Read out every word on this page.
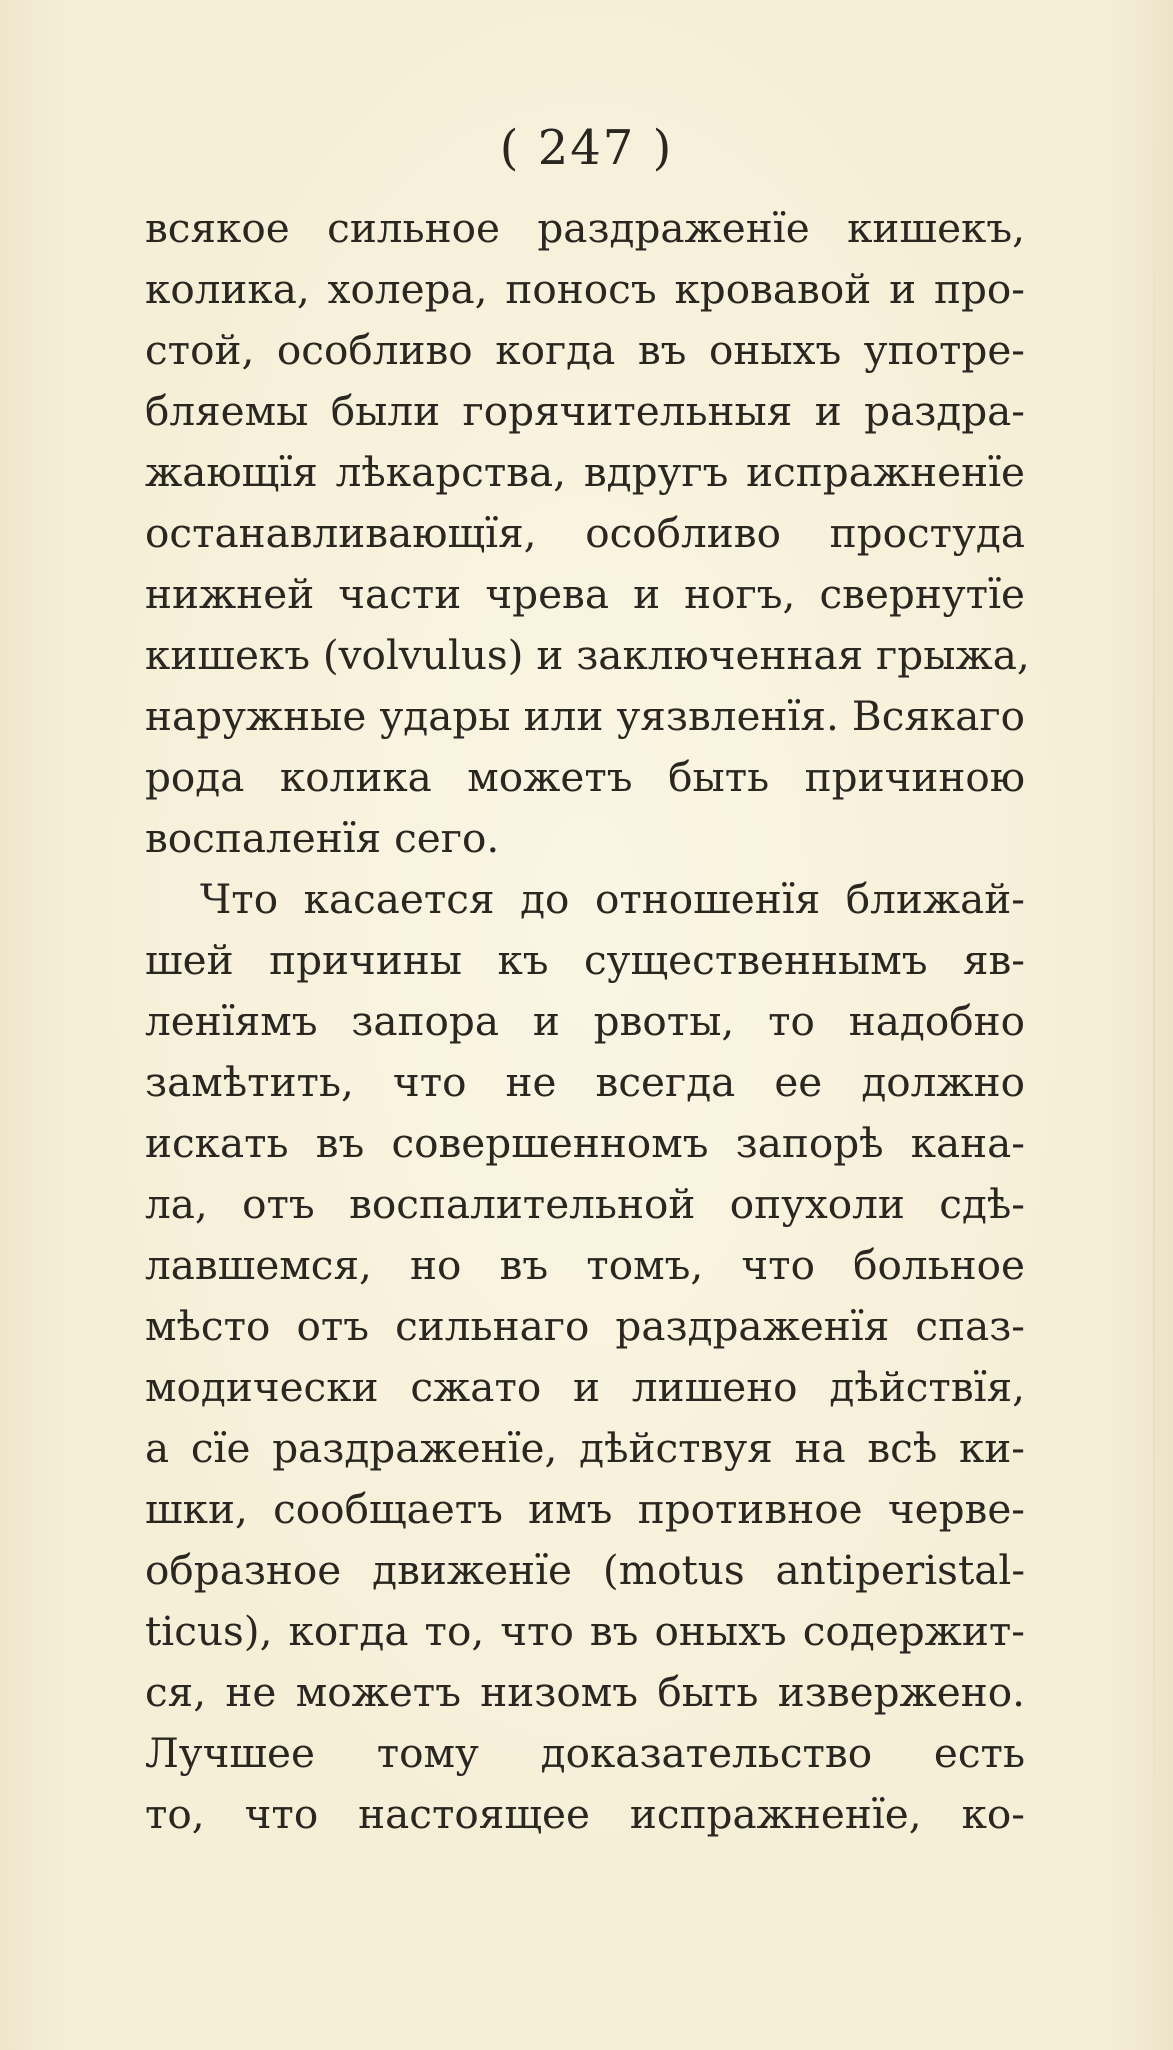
( 247 )
всякое сильное раздраженїе кишекъ,
колика, холера, поносъ кровавой и про-
стой, особливо когда въ оныхъ употре-
бляемы были горячительныя и раздра-
жающїя лѣкарства, вдругъ испражненїе
останавливающїя, особливо простуда
нижней части чрева и ногъ, свернутїе
кишекъ (volvulus) и заключенная грыжа,
наружные удары или уязвленїя. Всякаго
рода колика можетъ быть причиною
воспаленїя сего.
Что касается до отношенїя ближай-
шей причины къ существеннымъ яв-
ленїямъ запора и рвоты, то надобно
замѣтить, что не всегда ее должно
искать въ совершенномъ запорѣ кана-
ла, отъ воспалительной опухоли сдѣ-
лавшемся, но въ томъ, что больное
мѣсто отъ сильнаго раздраженїя спаз-
модически сжато и лишено дѣйствїя,
а сїе раздраженїе, дѣйствуя на всѣ ки-
шки, сообщаетъ имъ противное черве-
образное движенїе (motus antiperistal-
ticus), когда то, что въ оныхъ содержит-
ся, не можетъ низомъ быть извержено.
Лучшее тому доказательство есть
то, что настоящее испражненїе, ко-
